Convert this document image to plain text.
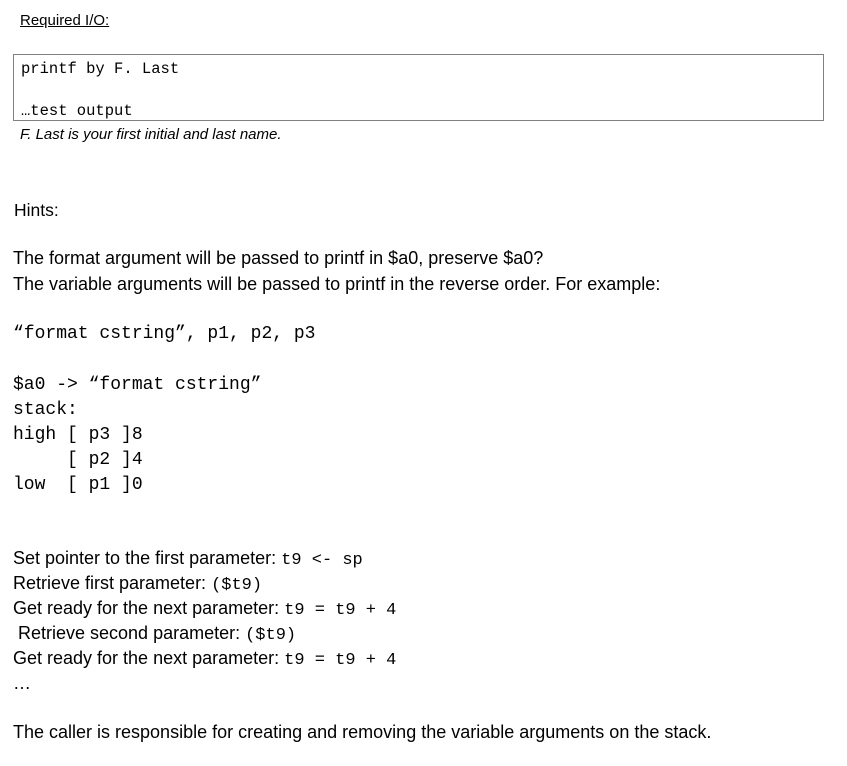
Required I/O:
printf by F. Last
…test output
F. Last is your first initial and last name.
Hints:
The format argument will be passed to printf in $a0, preserve $a0?
The variable arguments will be passed to printf in the reverse order. For example:
“format cstring”, p1, p2, p3
$a0 -> “format cstring”
stack:
high [ p3 ]8
[ p2 ]4
low  [ p1 ]0
Set pointer to the first parameter: t9 <- sp
Retrieve first parameter: ($t9)
Get ready for the next parameter: t9 = t9 + 4
Retrieve second parameter: ($t9)
Get ready for the next parameter: t9 = t9 + 4
…
The caller is responsible for creating and removing the variable arguments on the stack.
